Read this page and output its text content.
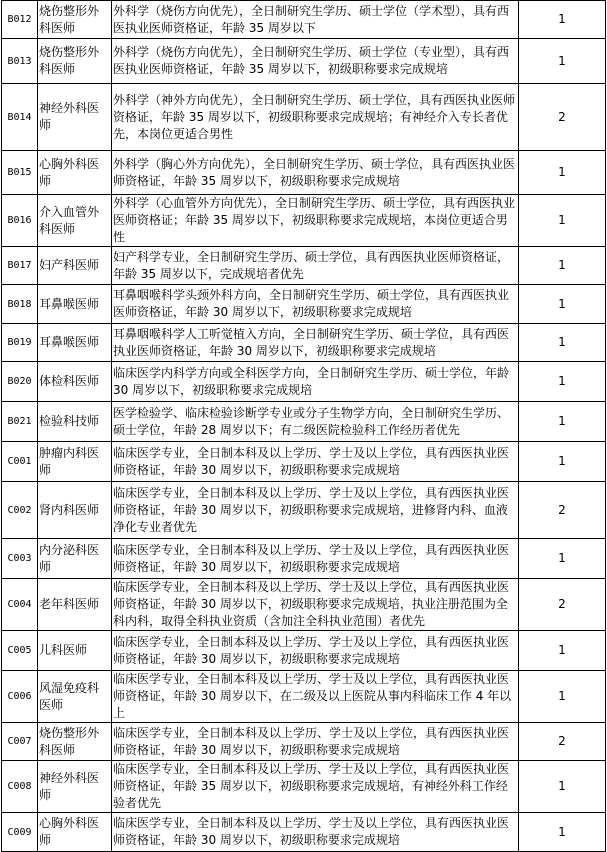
B012	烧伤整形外科医师	外科学（烧伤方向优先），全日制研究生学历、硕士学位（学术型），具有西医执业医师资格证，年龄 35 周岁以下	1
B013	烧伤整形外科医师	外科学（烧伤方向优先），全日制研究生学历、硕士学位（专业型），具有西医执业医师资格证，年龄 35 周岁以下，初级职称要求完成规培	1
B014	神经外科医师	外科学（神外方向优先），全日制研究生学历、硕士学位，具有西医执业医师资格证，年龄 35 周岁以下，初级职称要求完成规培；有神经介入专长者优先，本岗位更适合男性	2
B015	心胸外科医师	外科学（胸心外方向优先），全日制研究生学历、硕士学位，具有西医执业医师资格证，年龄 35 周岁以下，初级职称要求完成规培	1
B016	介入血管外科医师	外科学（心血管外方向优先），全日制研究生学历、硕士学位，具有西医执业医师资格证；年龄 35 周岁以下，初级职称要求完成规培，本岗位更适合男性	1
B017	妇产科医师	妇产科学专业，全日制研究生学历、硕士学位，具有西医执业医师资格证，年龄 35 周岁以下，完成规培者优先	1
B018	耳鼻喉医师	耳鼻咽喉科学头颈外科方向，全日制研究生学历、硕士学位，具有西医执业医师资格证，年龄 30 周岁以下，初级职称要求完成规培	1
B019	耳鼻喉医师	耳鼻咽喉科学人工听觉植入方向，全日制研究生学历、硕士学位，具有西医执业医师资格证，年龄 30 周岁以下，初级职称要求完成规培	1
B020	体检科医师	临床医学内科学方向或全科医学方向，全日制研究生学历、硕士学位，年龄 30 周岁以下，初级职称要求完成规培	1
B021	检验科技师	医学检验学、临床检验诊断学专业或分子生物学方向，全日制研究生学历、硕士学位，年龄 28 周岁以下；有二级医院检验科工作经历者优先	1
C001	肿瘤内科医师	临床医学专业，全日制本科及以上学历、学士及以上学位，具有西医执业医师资格证，年龄 30 周岁以下，初级职称要求完成规培	1
C002	肾内科医师	临床医学专业，全日制本科及以上学历、学士及以上学位，具有西医执业医师资格证，年龄 30 周岁以下，初级职称要求完成规培，进修肾内科、血液净化专业者优先	2
C003	内分泌科医师	临床医学专业，全日制本科及以上学历、学士及以上学位，具有西医执业医师资格证，年龄 30 周岁以下，初级职称要求完成规培	1
C004	老年科医师	临床医学专业，全日制本科及以上学历、学士及以上学位，具有西医执业医师资格证，年龄 30 周岁以下，初级职称要求完成规培，执业注册范围为全科内科，取得全科执业资质（含加注全科执业范围）者优先	2
C005	儿科医师	临床医学专业，全日制本科及以上学历、学士及以上学位，具有西医执业医师资格证，年龄 30 周岁以下，初级职称要求完成规培	1
C006	风湿免疫科医师	临床医学专业，全日制本科及以上学历、学士及以上学位，具有西医执业医师资格证，年龄 30 周岁以下，在二级及以上医院从事内科临床工作 4 年以上	1
C007	烧伤整形外科医师	临床医学专业，全日制本科及以上学历、学士及以上学位，具有西医执业医师资格证，年龄 30 周岁以下，初级职称要求完成规培	2
C008	神经外科医师	临床医学专业，全日制本科及以上学历、学士及以上学位，具有西医执业医师资格证，年龄 35 周岁以下，初级职称要求完成规培，有神经外科工作经验者优先	1
C009	心胸外科医师	临床医学专业，全日制本科及以上学历、学士及以上学位，具有西医执业医师资格证，年龄 30 周岁以下，初级职称要求完成规培	1
